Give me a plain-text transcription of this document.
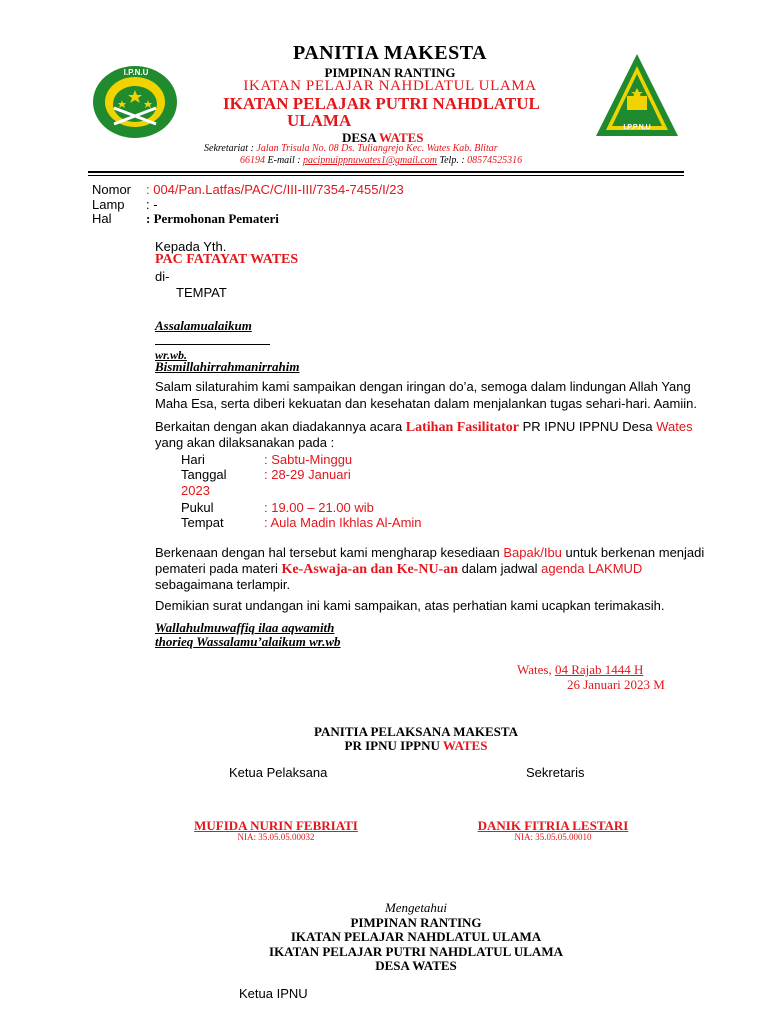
I.P.N.U
I.P.P.N.U
PANITIA MAKESTA
PIMPINAN RANTING
IKATAN PELAJAR NAHDLATUL ULAMA
IKATAN PELAJAR PUTRI NAHDLATUL
ULAMA
DESA WATES
Sekretariat : Jalan Trisula No. 08 Ds. Tuliangrejo Kec. Wates Kab. Blitar
66194 E-mail : pacipnuippnuwates1@gmail.com Telp. : 08574525316
Nomor : 004/Pan.Latfas/PAC/C/III-III/7354-7455/I/23
Lamp : -
Hal	: Permohonan Pemateri
Kepada Yth.
PAC FATAYAT WATES
di-
TEMPAT
Assalamualaikum
wr.wb.
Bismillahirrahmanirrahim
Salam silaturahim kami sampaikan dengan iringan do’a, semoga dalam lindungan Allah Yang
Maha Esa, serta diberi kekuatan dan kesehatan dalam menjalankan tugas sehari-hari. Aamiin.
Berkaitan dengan akan diadakannya acara Latihan Fasilitator PR IPNU IPPNU Desa Wates
yang akan dilaksanakan pada :
Hari	: Sabtu-Minggu
Tanggal	: 28-29 Januari
2023
Pukul	: 19.00 – 21.00 wib
Tempat	: Aula Madin Ikhlas Al-Amin
Berkenaan dengan hal tersebut kami mengharap kesediaan Bapak/Ibu untuk berkenan menjadi
pemateri pada materi Ke-Aswaja-an dan Ke-NU-an dalam jadwal agenda LAKMUD
sebagaimana terlampir.
Demikian surat undangan ini kami sampaikan, atas perhatian kami ucapkan terimakasih.
Wallahulmuwaffiq ilaa aqwamith
thorieq Wassalamu’alaikum wr.wb
Wates, 04 Rajab 1444 H
26 Januari 2023 M
PANITIA PELAKSANA MAKESTA
PR IPNU IPPNU WATES
Ketua Pelaksana	Sekretaris
MUFIDA NURIN FEBRIATI
NIA: 35.05.05.00032
DANIK FITRIA LESTARI
NIA: 35.05.05.00010
Mengetahui
PIMPINAN RANTING
IKATAN PELAJAR NAHDLATUL ULAMA
IKATAN PELAJAR PUTRI NAHDLATUL ULAMA
DESA WATES
Ketua IPNU
